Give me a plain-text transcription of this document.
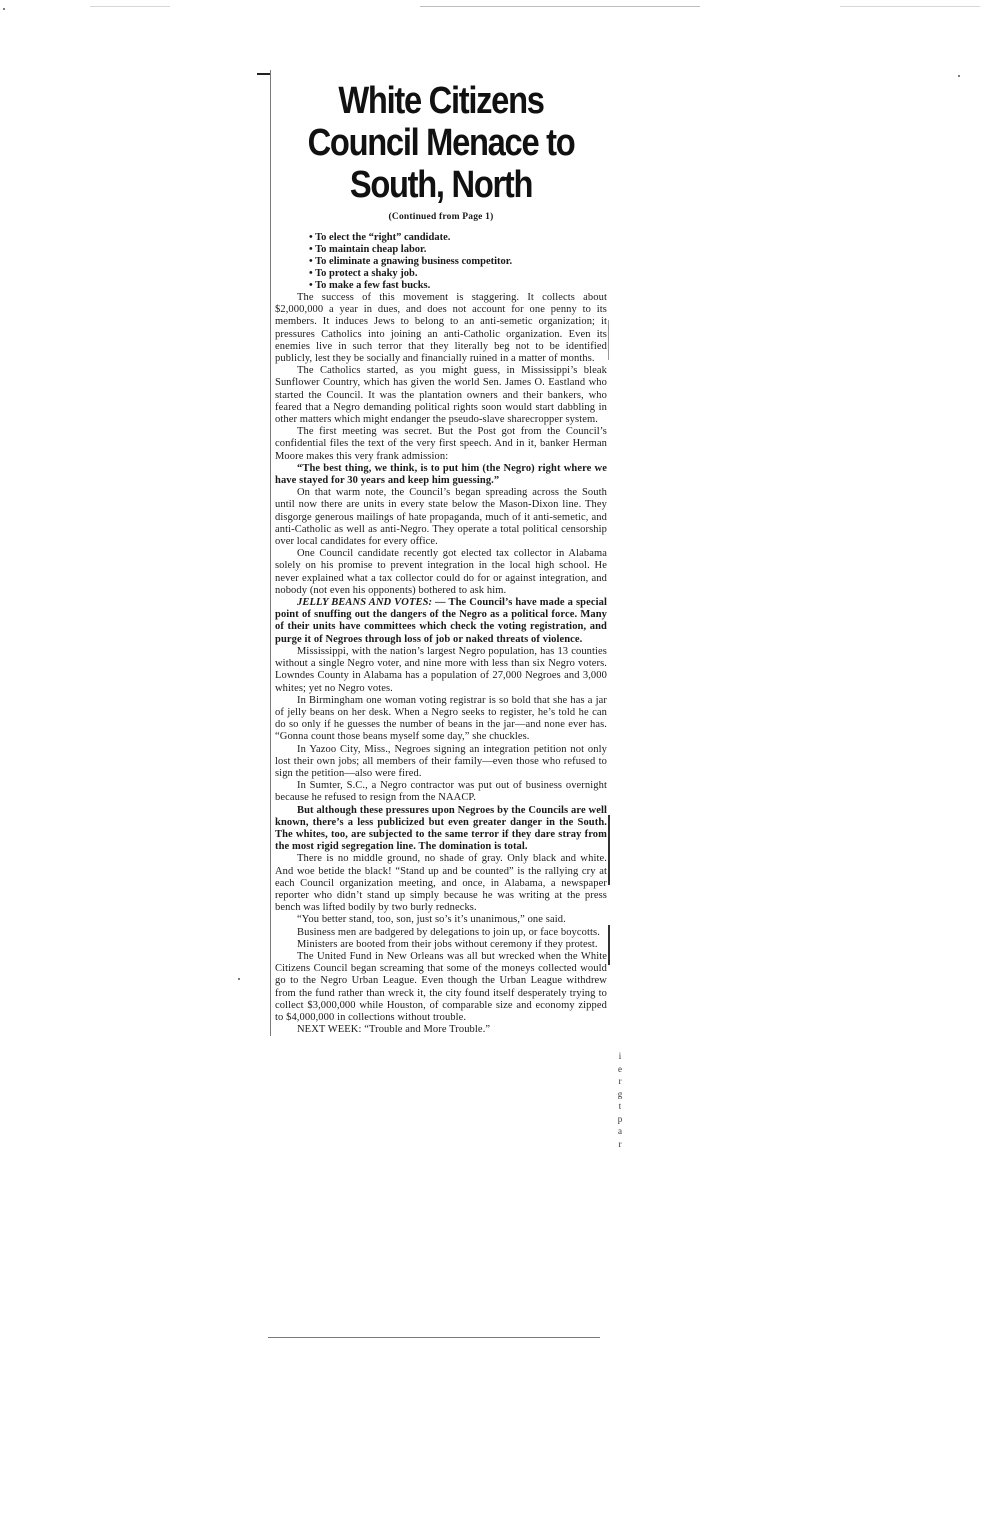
White Citizens Council Menace to South, North
(Continued from Page 1)
• To elect the “right” candidate.
• To maintain cheap labor.
• To eliminate a gnawing business competitor.
• To protect a shaky job.
• To make a few fast bucks.

The success of this movement is staggering. It collects about $2,000,000 a year in dues, and does not account for one penny to its members. It induces Jews to belong to an anti-semetic organization; it pressures Catholics into joining an anti-Catholic organization. Even its enemies live in such terror that they literally beg not to be identified publicly, lest they be socially and financially ruined in a matter of months.

The Catholics started, as you might guess, in Mississippi’s bleak Sunflower Country, which has given the world Sen. James O. Eastland who started the Council. It was the plantation owners and their bankers, who feared that a Negro demanding political rights soon would start dabbling in other matters which might endanger the pseudo-slave sharecropper system.

The first meeting was secret. But the Post got from the Council’s confidential files the text of the very first speech. And in it, banker Herman Moore makes this very frank admission:

“The best thing, we think, is to put him (the Negro) right where we have stayed for 30 years and keep him guessing.”

On that warm note, the Council’s began spreading across the South until now there are units in every state below the Mason-Dixon line. They disgorge generous mailings of hate propaganda, much of it anti-semetic, and anti-Catholic as well as anti-Negro. They operate a total political censorship over local candidates for every office.

One Council candidate recently got elected tax collector in Alabama solely on his promise to prevent integration in the local high school. He never explained what a tax collector could do for or against integration, and nobody (not even his opponents) bothered to ask him.

JELLY BEANS AND VOTES: — The Council’s have made a special point of snuffing out the dangers of the Negro as a political force. Many of their units have committees which check the voting registration, and purge it of Negroes through loss of job or naked threats of violence.

Mississippi, with the nation’s largest Negro population, has 13 counties without a single Negro voter, and nine more with less than six Negro voters. Lowndes County in Alabama has a population of 27,000 Negroes and 3,000 whites; yet no Negro votes.

In Birmingham one woman voting registrar is so bold that she has a jar of jelly beans on her desk. When a Negro seeks to register, he’s told he can do so only if he guesses the number of beans in the jar—and none ever has. “Gonna count those beans myself some day,” she chuckles.

In Yazoo City, Miss., Negroes signing an integration petition not only lost their own jobs; all members of their family—even those who refused to sign the petition—also were fired.

In Sumter, S.C., a Negro contractor was put out of business overnight because he refused to resign from the NAACP.

But although these pressures upon Negroes by the Councils are well known, there’s a less publicized but even greater danger in the South. The whites, too, are subjected to the same terror if they dare stray from the most rigid segregation line. The domination is total.

There is no middle ground, no shade of gray. Only black and white. And woe betide the black! “Stand up and be counted” is the rallying cry at each Council organization meeting, and once, in Alabama, a newspaper reporter who didn’t stand up simply because he was writing at the press bench was lifted bodily by two burly rednecks.

“You better stand, too, son, just so’s it’s unanimous,” one said.

Business men are badgered by delegations to join up, or face boycotts.

Ministers are booted from their jobs without ceremony if they protest.

The United Fund in New Orleans was all but wrecked when the White Citizens Council began screaming that some of the moneys collected would go to the Negro Urban League. Even though the Urban League withdrew from the fund rather than wreck it, the city found itself desperately trying to collect $3,000,000 while Houston, of comparable size and economy zipped to $4,000,000 in collections without trouble.

NEXT WEEK: “Trouble and More Trouble.”

i
e
r
g
t
p
a
r
